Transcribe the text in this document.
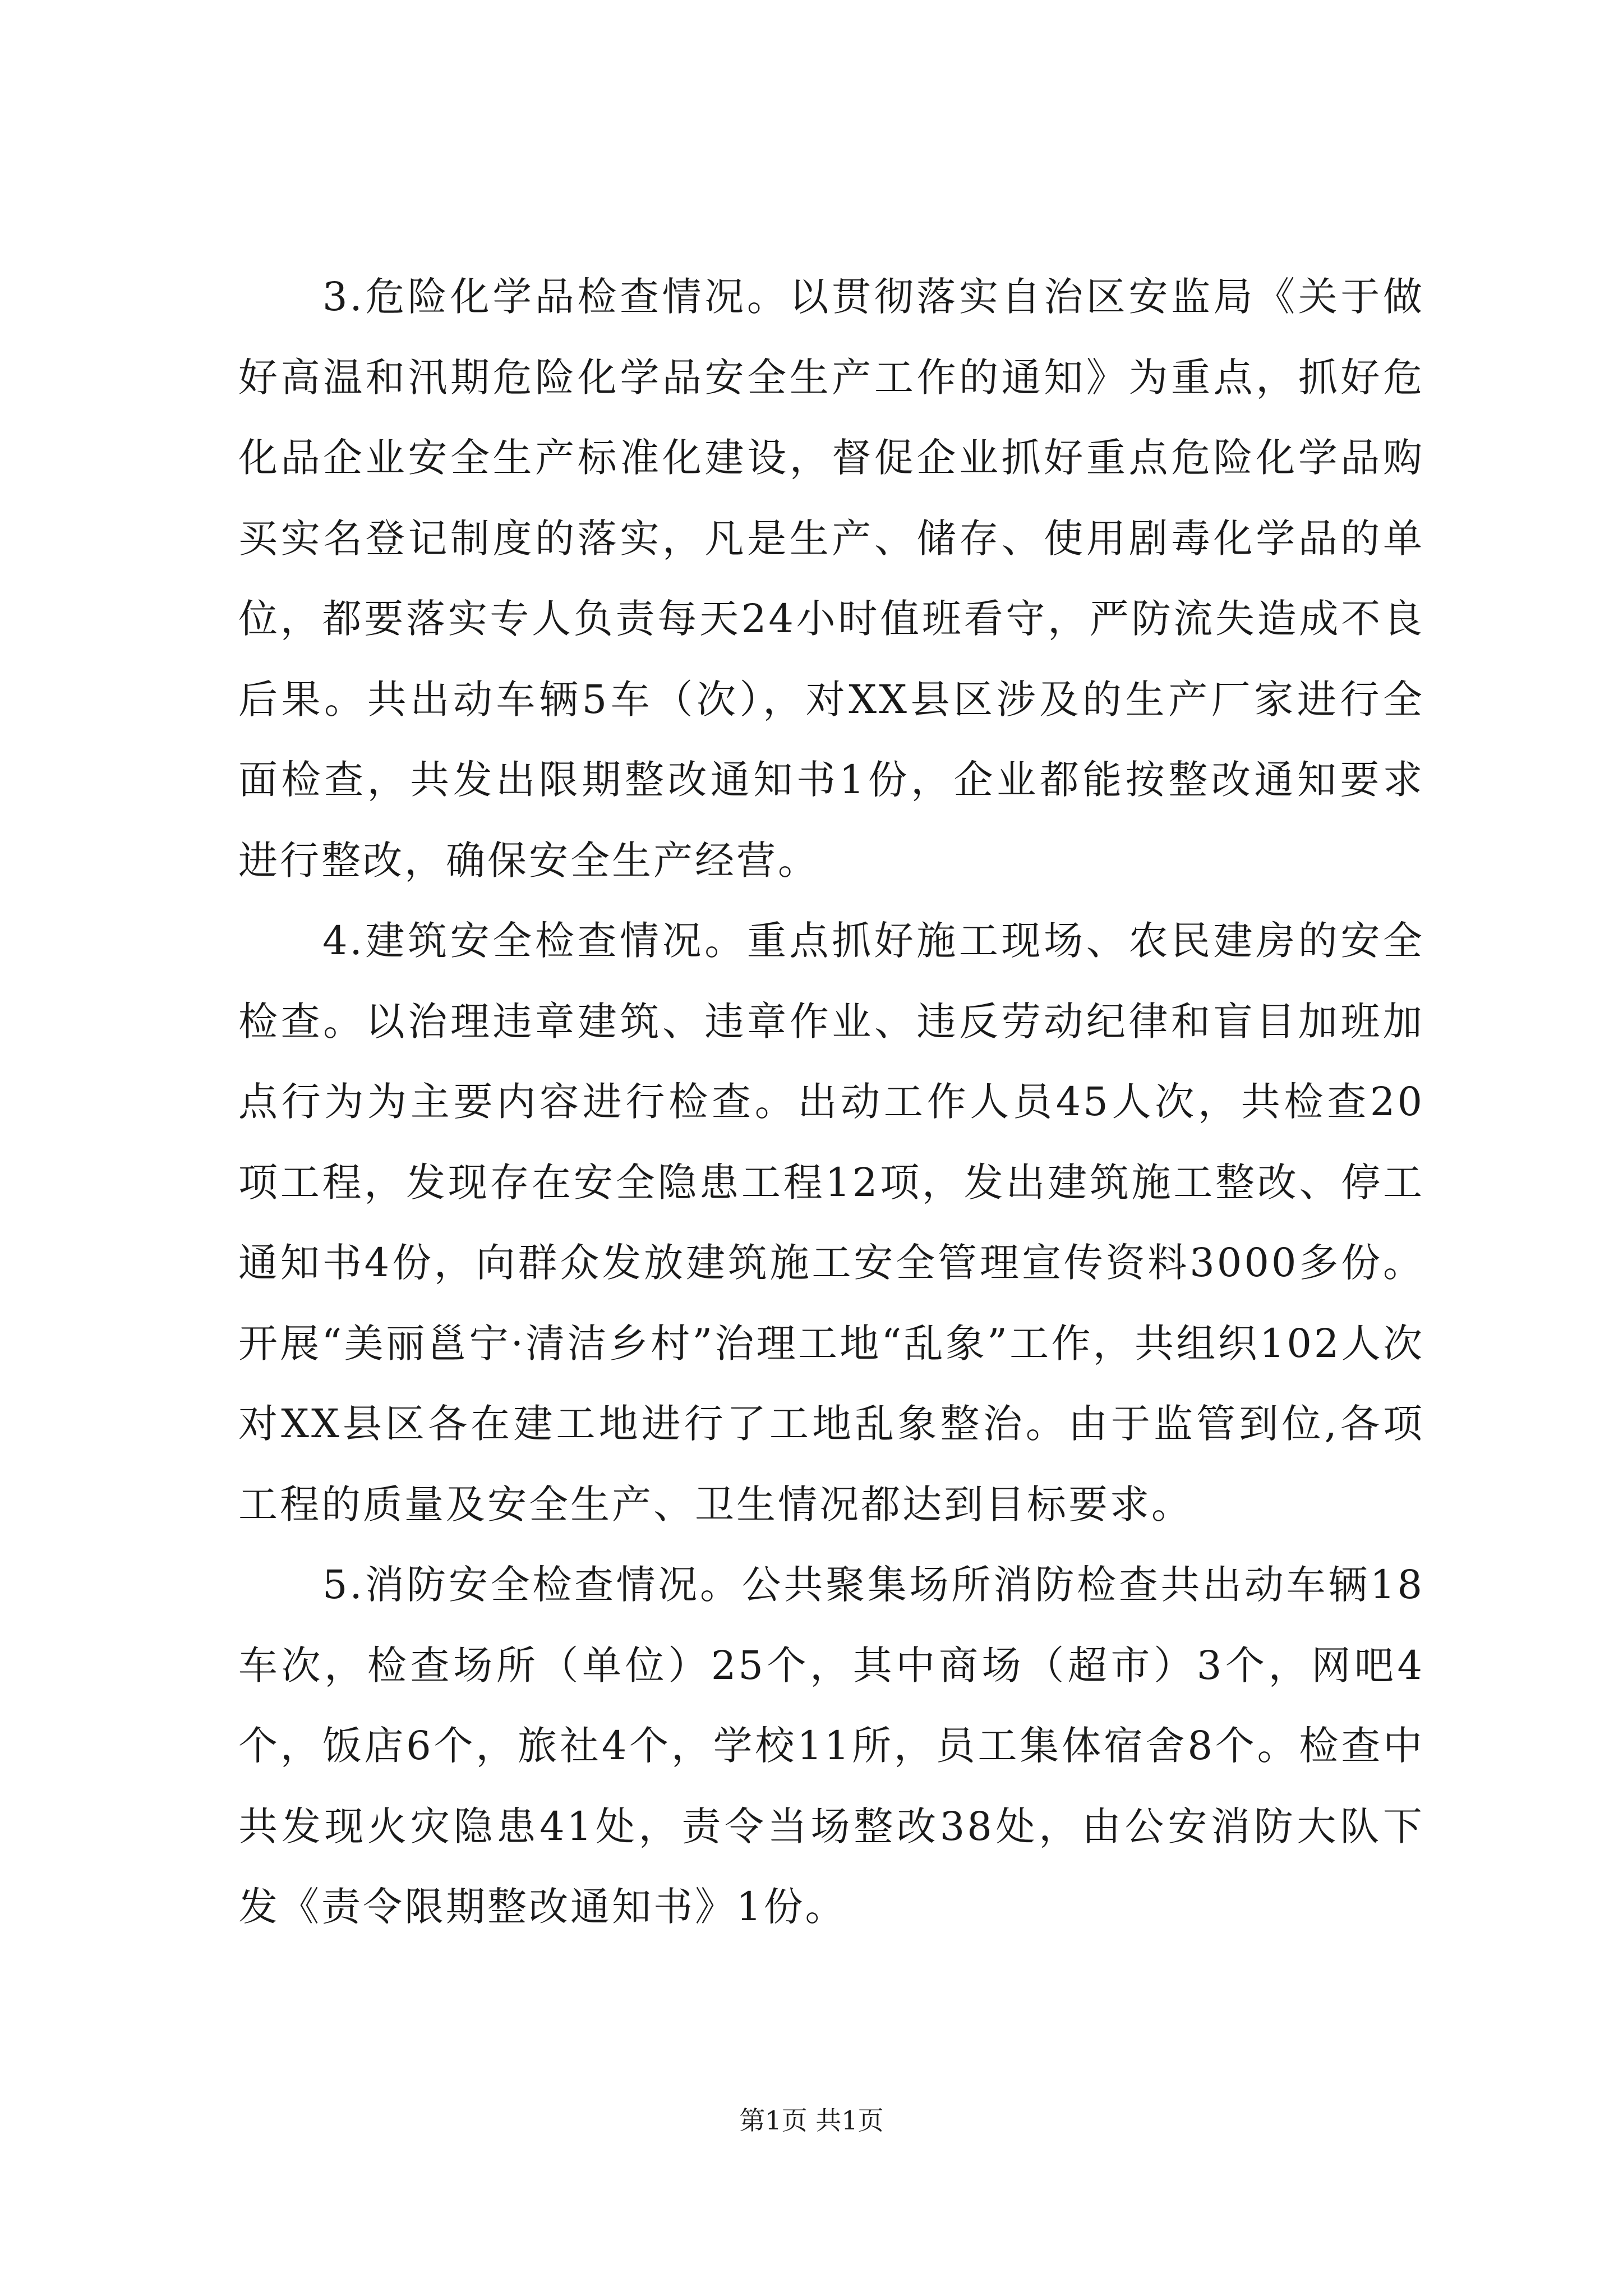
3.危险化学品检查情况。以贯彻落实自治区安监局《关于做好高温和汛期危险化学品安全生产工作的通知》为重点，抓好危化品企业安全生产标准化建设，督促企业抓好重点危险化学品购买实名登记制度的落实，凡是生产、储存、使用剧毒化学品的单位，都要落实专人负责每天24小时值班看守，严防流失造成不良后果。共出动车辆5车（次），对XX县区涉及的生产厂家进行全面检查，共发出限期整改通知书1份，企业都能按整改通知要求进行整改，确保安全生产经营。

4.建筑安全检查情况。重点抓好施工现场、农民建房的安全检查。以治理违章建筑、违章作业、违反劳动纪律和盲目加班加点行为为主要内容进行检查。出动工作人员45人次，共检查20项工程，发现存在安全隐患工程12项，发出建筑施工整改、停工通知书4份，向群众发放建筑施工安全管理宣传资料3000多份。开展“美丽邕宁·清洁乡村”治理工地“乱象”工作，共组织102人次对XX县区各在建工地进行了工地乱象整治。由于监管到位,各项工程的质量及安全生产、卫生情况都达到目标要求。

5.消防安全检查情况。公共聚集场所消防检查共出动车辆18车次，检查场所（单位）25个，其中商场（超市）3个，网吧4个，饭店6个，旅社4个，学校11所，员工集体宿舍8个。检查中共发现火灾隐患41处，责令当场整改38处，由公安消防大队下发《责令限期整改通知书》1份。

第1页 共1页
